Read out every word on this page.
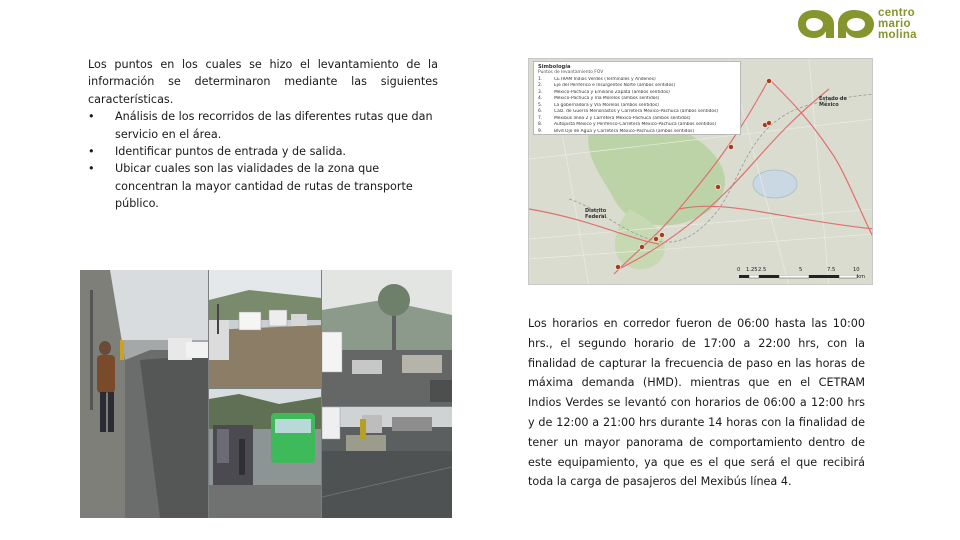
centro
mario
molina

Los puntos en los cuales se hizo el levantamiento de la información se determinaron mediante las siguientes características.

• Análisis de los recorridos de las diferentes rutas que dan servicio en el área.
• Identificar puntos de entrada y de salida.
• Ubicar cuales son las vialidades de la zona que concentran la mayor cantidad de rutas de transporte público.
Simbología
Puntos de levantamiento FOV
1.	CETRAM Indios Verdes (Terminales y Andenes)
2.	Eje del Periférico e Insurgentes Norte (ambos sentidos)
3.	México-Pachuca y Emiliano Zapata (ambos sentidos)
4.	México-Pachuca y Vía Morelos (ambos sentidos)
5.	La gobernadora y Vía Morelos (ambos sentidos)
6.	Calz. de Guerra Menonastos y Carretera México-Pachuca (ambos sentidos)
7.	Mexibús línea 2 y Carretera México-Pachuca (ambos sentidos)
8.	Autopista México y Periférico-Carretera México-Pachuca (ambos sentidos)
9.	Blvd Ojo de Agua y Carretera México-Pachuca (ambos sentidos)
Estado de México
Distrito Federal
0 1.25 2.5	5	7.5	10
km
Los horarios en corredor fueron de 06:00 hasta las 10:00 hrs., el segundo horario de 17:00 a 22:00 hrs, con la finalidad de capturar la frecuencia de paso en las horas de máxima demanda (HMD). mientras que en el CETRAM Indios Verdes se levantó con horarios de 06:00 a 12:00 hrs y de 12:00 a 21:00 hrs durante 14 horas con la finalidad de tener un mayor panorama de comportamiento dentro de este equipamiento, ya que es el que será el que recibirá toda la carga de pasajeros del Mexibús línea 4.
